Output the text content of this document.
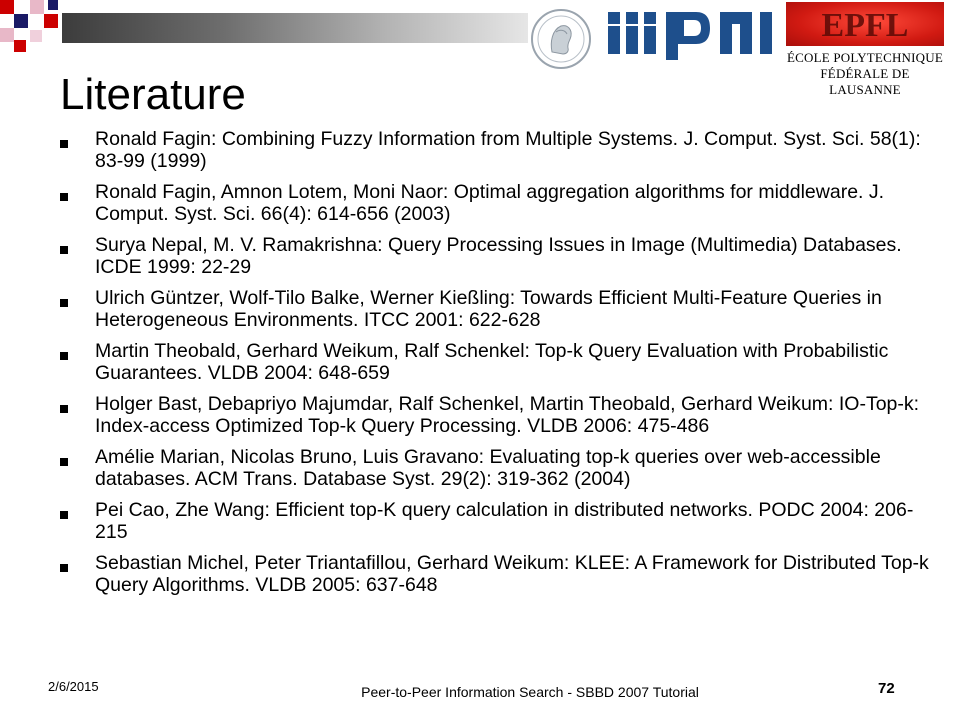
EPFL
ÉCOLE POLYTECHNIQUE
FÉDÉRALE DE LAUSANNE
Literature
Ronald Fagin: Combining Fuzzy Information from Multiple Systems. J. Comput. Syst. Sci. 58(1): 83-99 (1999)
Ronald Fagin, Amnon Lotem, Moni Naor: Optimal aggregation algorithms for middleware. J. Comput. Syst. Sci. 66(4): 614-656 (2003)
Surya Nepal, M. V. Ramakrishna: Query Processing Issues in Image (Multimedia) Databases. ICDE 1999: 22-29
Ulrich Güntzer, Wolf-Tilo Balke, Werner Kießling: Towards Efficient Multi-Feature Queries in Heterogeneous Environments. ITCC 2001: 622-628
Martin Theobald, Gerhard Weikum, Ralf Schenkel: Top-k Query Evaluation with Probabilistic Guarantees. VLDB 2004: 648-659
Holger Bast, Debapriyo Majumdar, Ralf Schenkel, Martin Theobald, Gerhard Weikum: IO-Top-k: Index-access Optimized Top-k Query Processing. VLDB 2006: 475-486
Amélie Marian, Nicolas Bruno, Luis Gravano: Evaluating top-k queries over web-accessible databases. ACM Trans. Database Syst. 29(2): 319-362 (2004)
Pei Cao, Zhe Wang: Efficient top-K query calculation in distributed networks. PODC 2004: 206-215
Sebastian Michel, Peter Triantafillou, Gerhard Weikum: KLEE: A Framework for Distributed Top-k Query Algorithms. VLDB 2005: 637-648
2/6/2015	Peer-to-Peer Information Search - SBBD 2007 Tutorial	72
